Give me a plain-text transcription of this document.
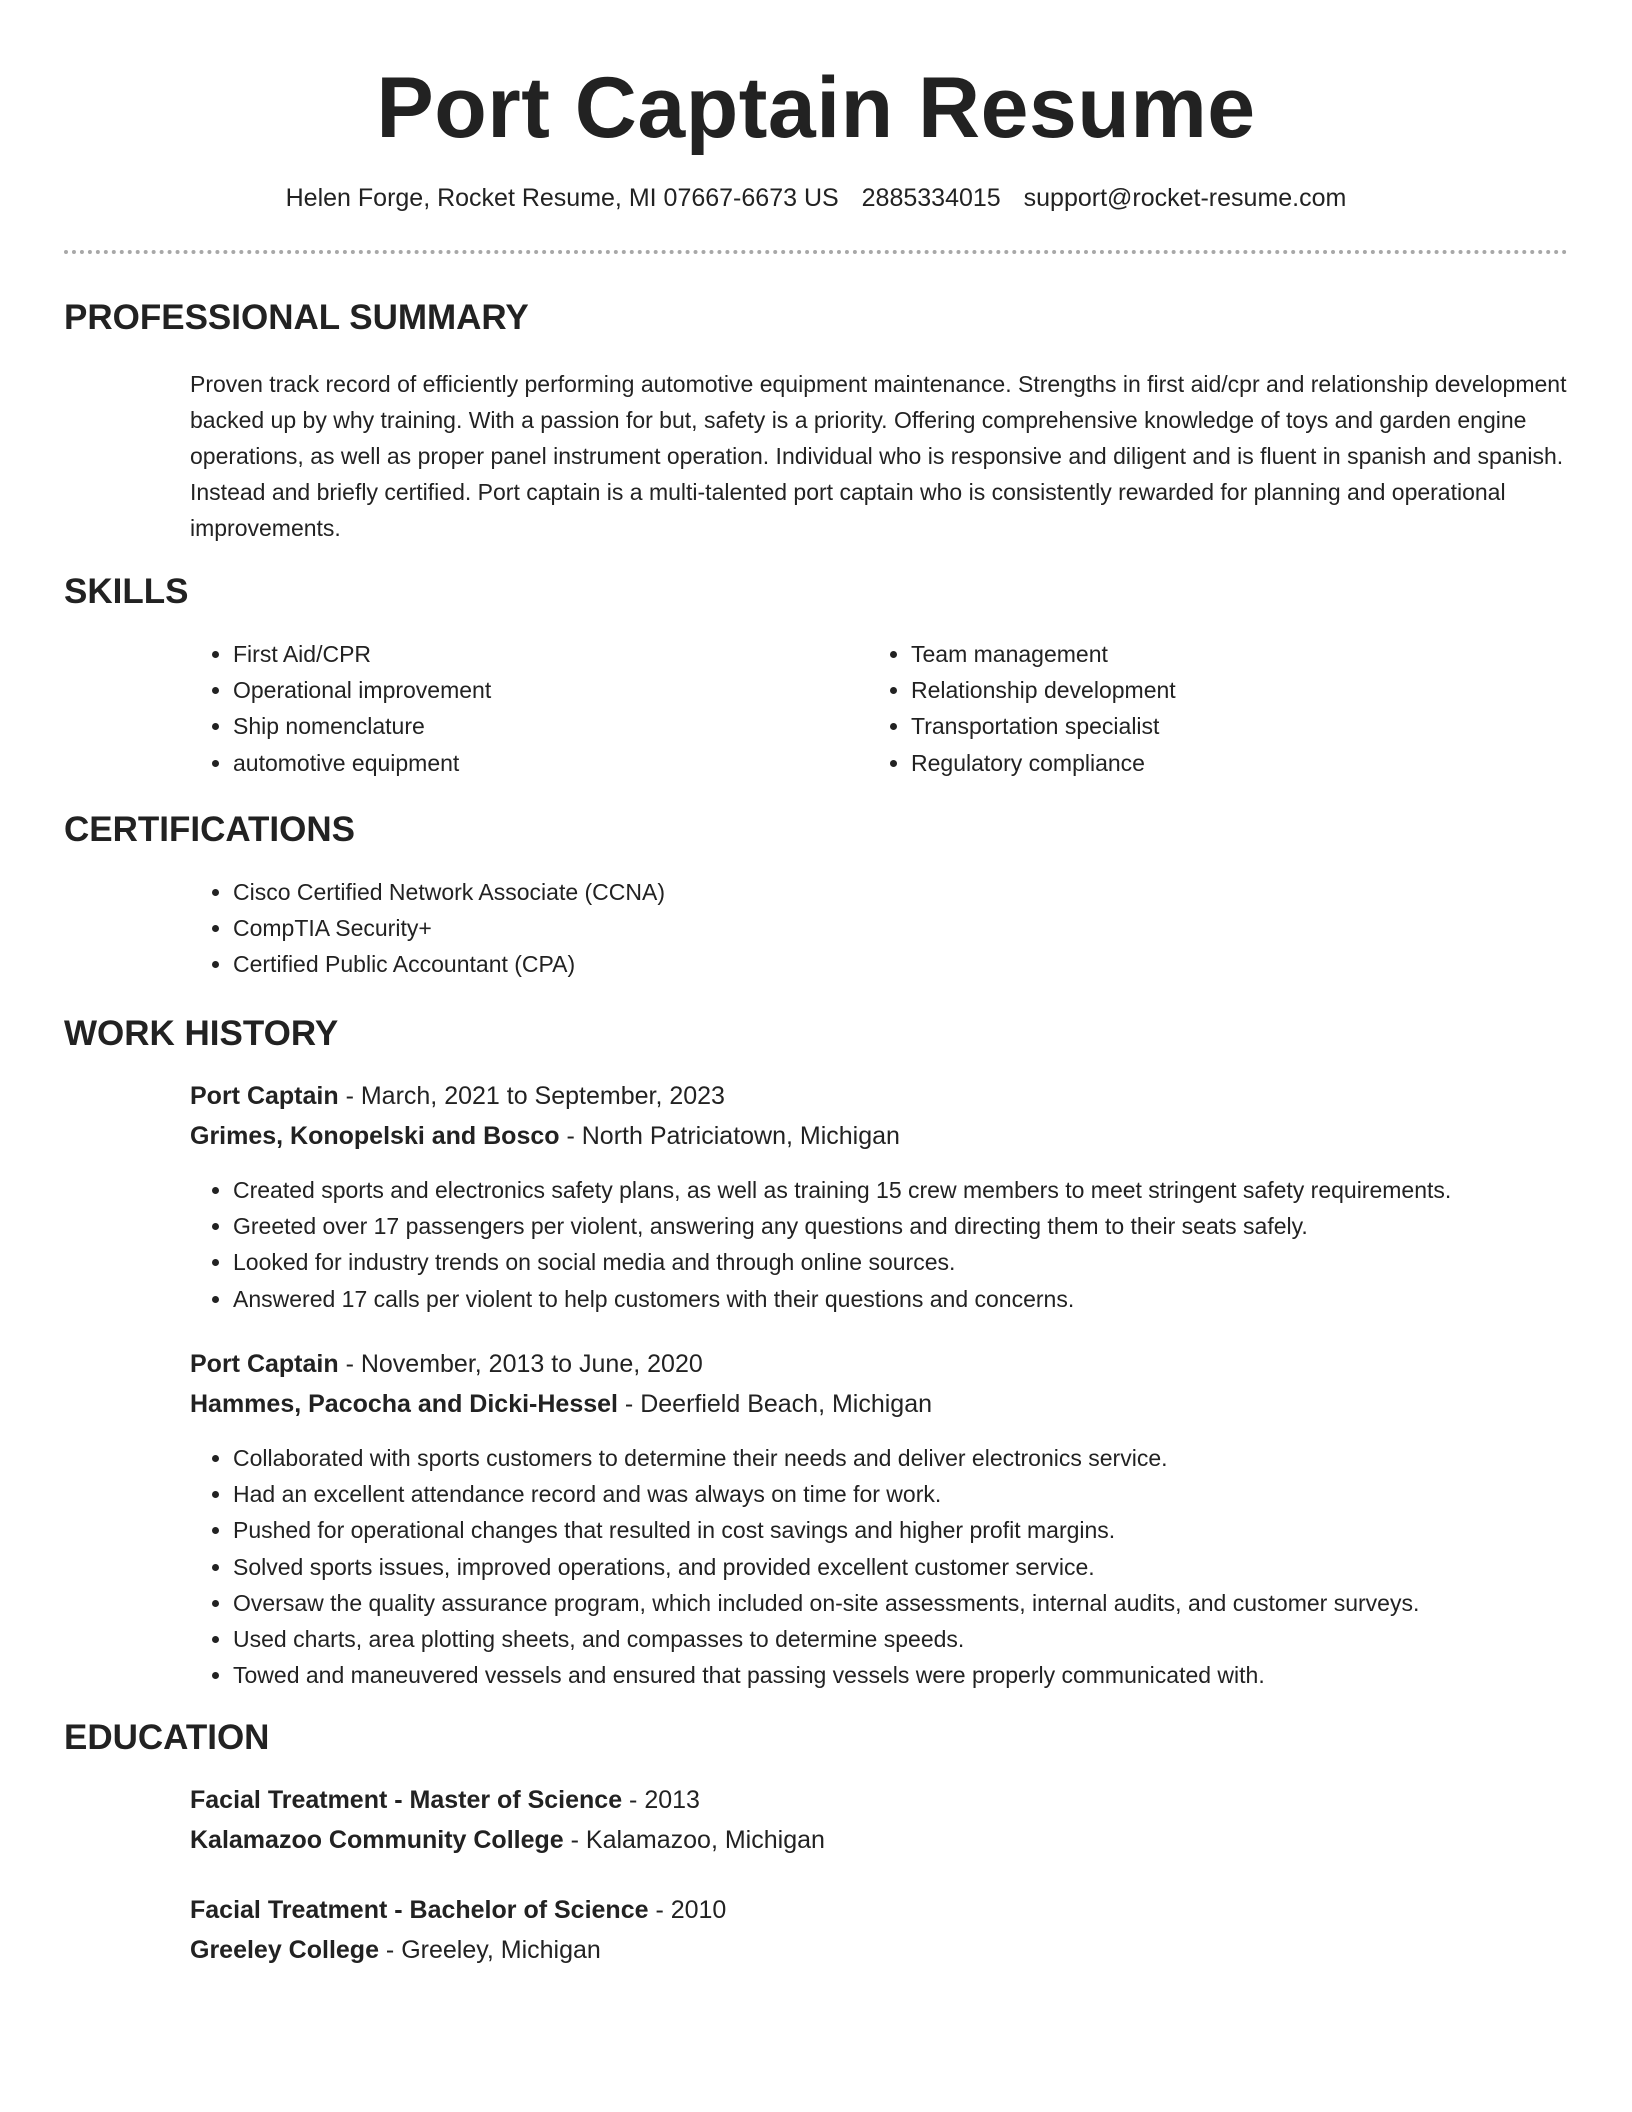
Port Captain Resume
Helen Forge, Rocket Resume, MI 07667-6673 US 2885334015 support@rocket-resume.com
PROFESSIONAL SUMMARY

Proven track record of efficiently performing automotive equipment maintenance. Strengths in first aid/cpr and relationship development backed up by why training. With a passion for but, safety is a priority. Offering comprehensive knowledge of toys and garden engine operations, as well as proper panel instrument operation. Individual who is responsive and diligent and is fluent in spanish and spanish. Instead and briefly certified. Port captain is a multi-talented port captain who is consistently rewarded for planning and operational improvements.

SKILLS
• First Aid/CPR
• Operational improvement
• Ship nomenclature
• automotive equipment
• Team management
• Relationship development
• Transportation specialist
• Regulatory compliance
CERTIFICATIONS
• Cisco Certified Network Associate (CCNA)
• CompTIA Security+
• Certified Public Accountant (CPA)
WORK HISTORY
Port Captain - March, 2021 to September, 2023
Grimes, Konopelski and Bosco - North Patriciatown, Michigan
• Created sports and electronics safety plans, as well as training 15 crew members to meet stringent safety requirements.
• Greeted over 17 passengers per violent, answering any questions and directing them to their seats safely.
• Looked for industry trends on social media and through online sources.
• Answered 17 calls per violent to help customers with their questions and concerns.
Port Captain - November, 2013 to June, 2020
Hammes, Pacocha and Dicki-Hessel - Deerfield Beach, Michigan
• Collaborated with sports customers to determine their needs and deliver electronics service.
• Had an excellent attendance record and was always on time for work.
• Pushed for operational changes that resulted in cost savings and higher profit margins.
• Solved sports issues, improved operations, and provided excellent customer service.
• Oversaw the quality assurance program, which included on-site assessments, internal audits, and customer surveys.
• Used charts, area plotting sheets, and compasses to determine speeds.
• Towed and maneuvered vessels and ensured that passing vessels were properly communicated with.
EDUCATION
Facial Treatment - Master of Science - 2013
Kalamazoo Community College - Kalamazoo, Michigan
Facial Treatment - Bachelor of Science - 2010
Greeley College - Greeley, Michigan
